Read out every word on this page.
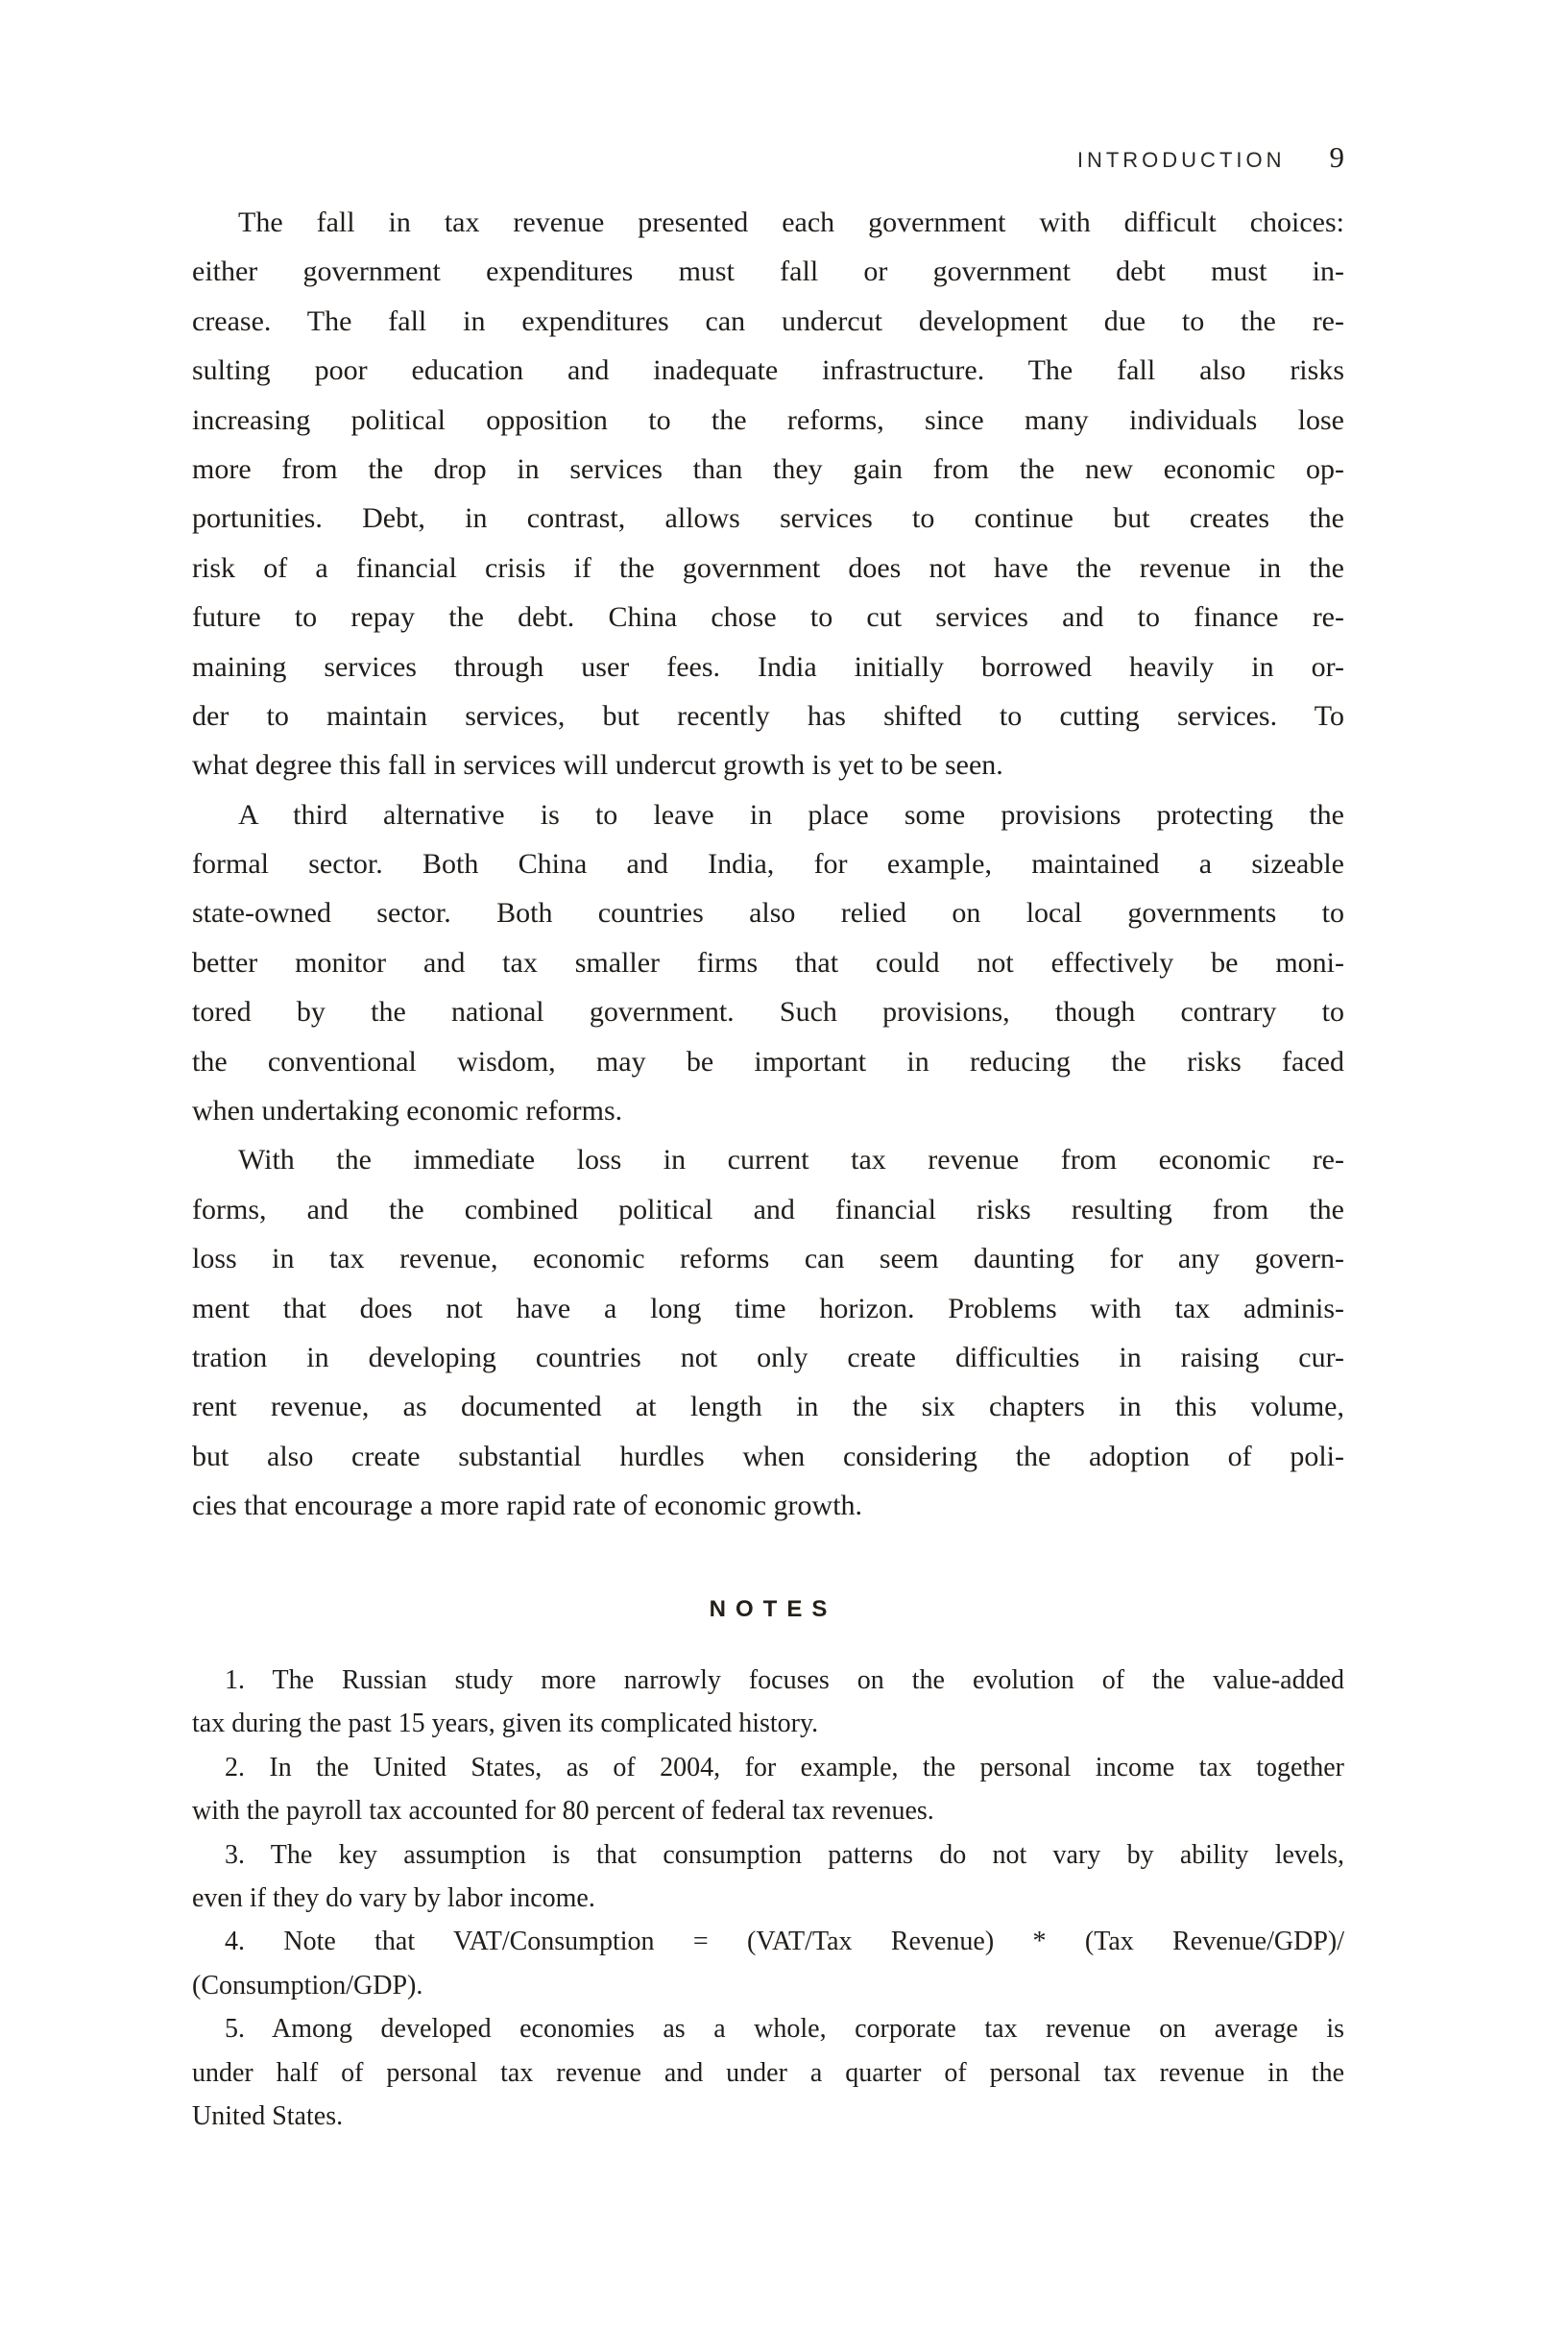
INTRODUCTION 9
The fall in tax revenue presented each government with difficult choices:
either government expenditures must fall or government debt must in-
crease. The fall in expenditures can undercut development due to the re-
sulting poor education and inadequate infrastructure. The fall also risks
increasing political opposition to the reforms, since many individuals lose
more from the drop in services than they gain from the new economic op-
portunities. Debt, in contrast, allows services to continue but creates the
risk of a financial crisis if the government does not have the revenue in the
future to repay the debt. China chose to cut services and to finance re-
maining services through user fees. India initially borrowed heavily in or-
der to maintain services, but recently has shifted to cutting services. To
what degree this fall in services will undercut growth is yet to be seen.
A third alternative is to leave in place some provisions protecting the
formal sector. Both China and India, for example, maintained a sizeable
state-owned sector. Both countries also relied on local governments to
better monitor and tax smaller firms that could not effectively be moni-
tored by the national government. Such provisions, though contrary to
the conventional wisdom, may be important in reducing the risks faced
when undertaking economic reforms.
With the immediate loss in current tax revenue from economic re-
forms, and the combined political and financial risks resulting from the
loss in tax revenue, economic reforms can seem daunting for any govern-
ment that does not have a long time horizon. Problems with tax adminis-
tration in developing countries not only create difficulties in raising cur-
rent revenue, as documented at length in the six chapters in this volume,
but also create substantial hurdles when considering the adoption of poli-
cies that encourage a more rapid rate of economic growth.
NOTES
1. The Russian study more narrowly focuses on the evolution of the value-added
tax during the past 15 years, given its complicated history.
2. In the United States, as of 2004, for example, the personal income tax together
with the payroll tax accounted for 80 percent of federal tax revenues.
3. The key assumption is that consumption patterns do not vary by ability levels,
even if they do vary by labor income.
4. Note that VAT/Consumption = (VAT/Tax Revenue) * (Tax Revenue/GDP)/
(Consumption/GDP).
5. Among developed economies as a whole, corporate tax revenue on average is
under half of personal tax revenue and under a quarter of personal tax revenue in the
United States.
